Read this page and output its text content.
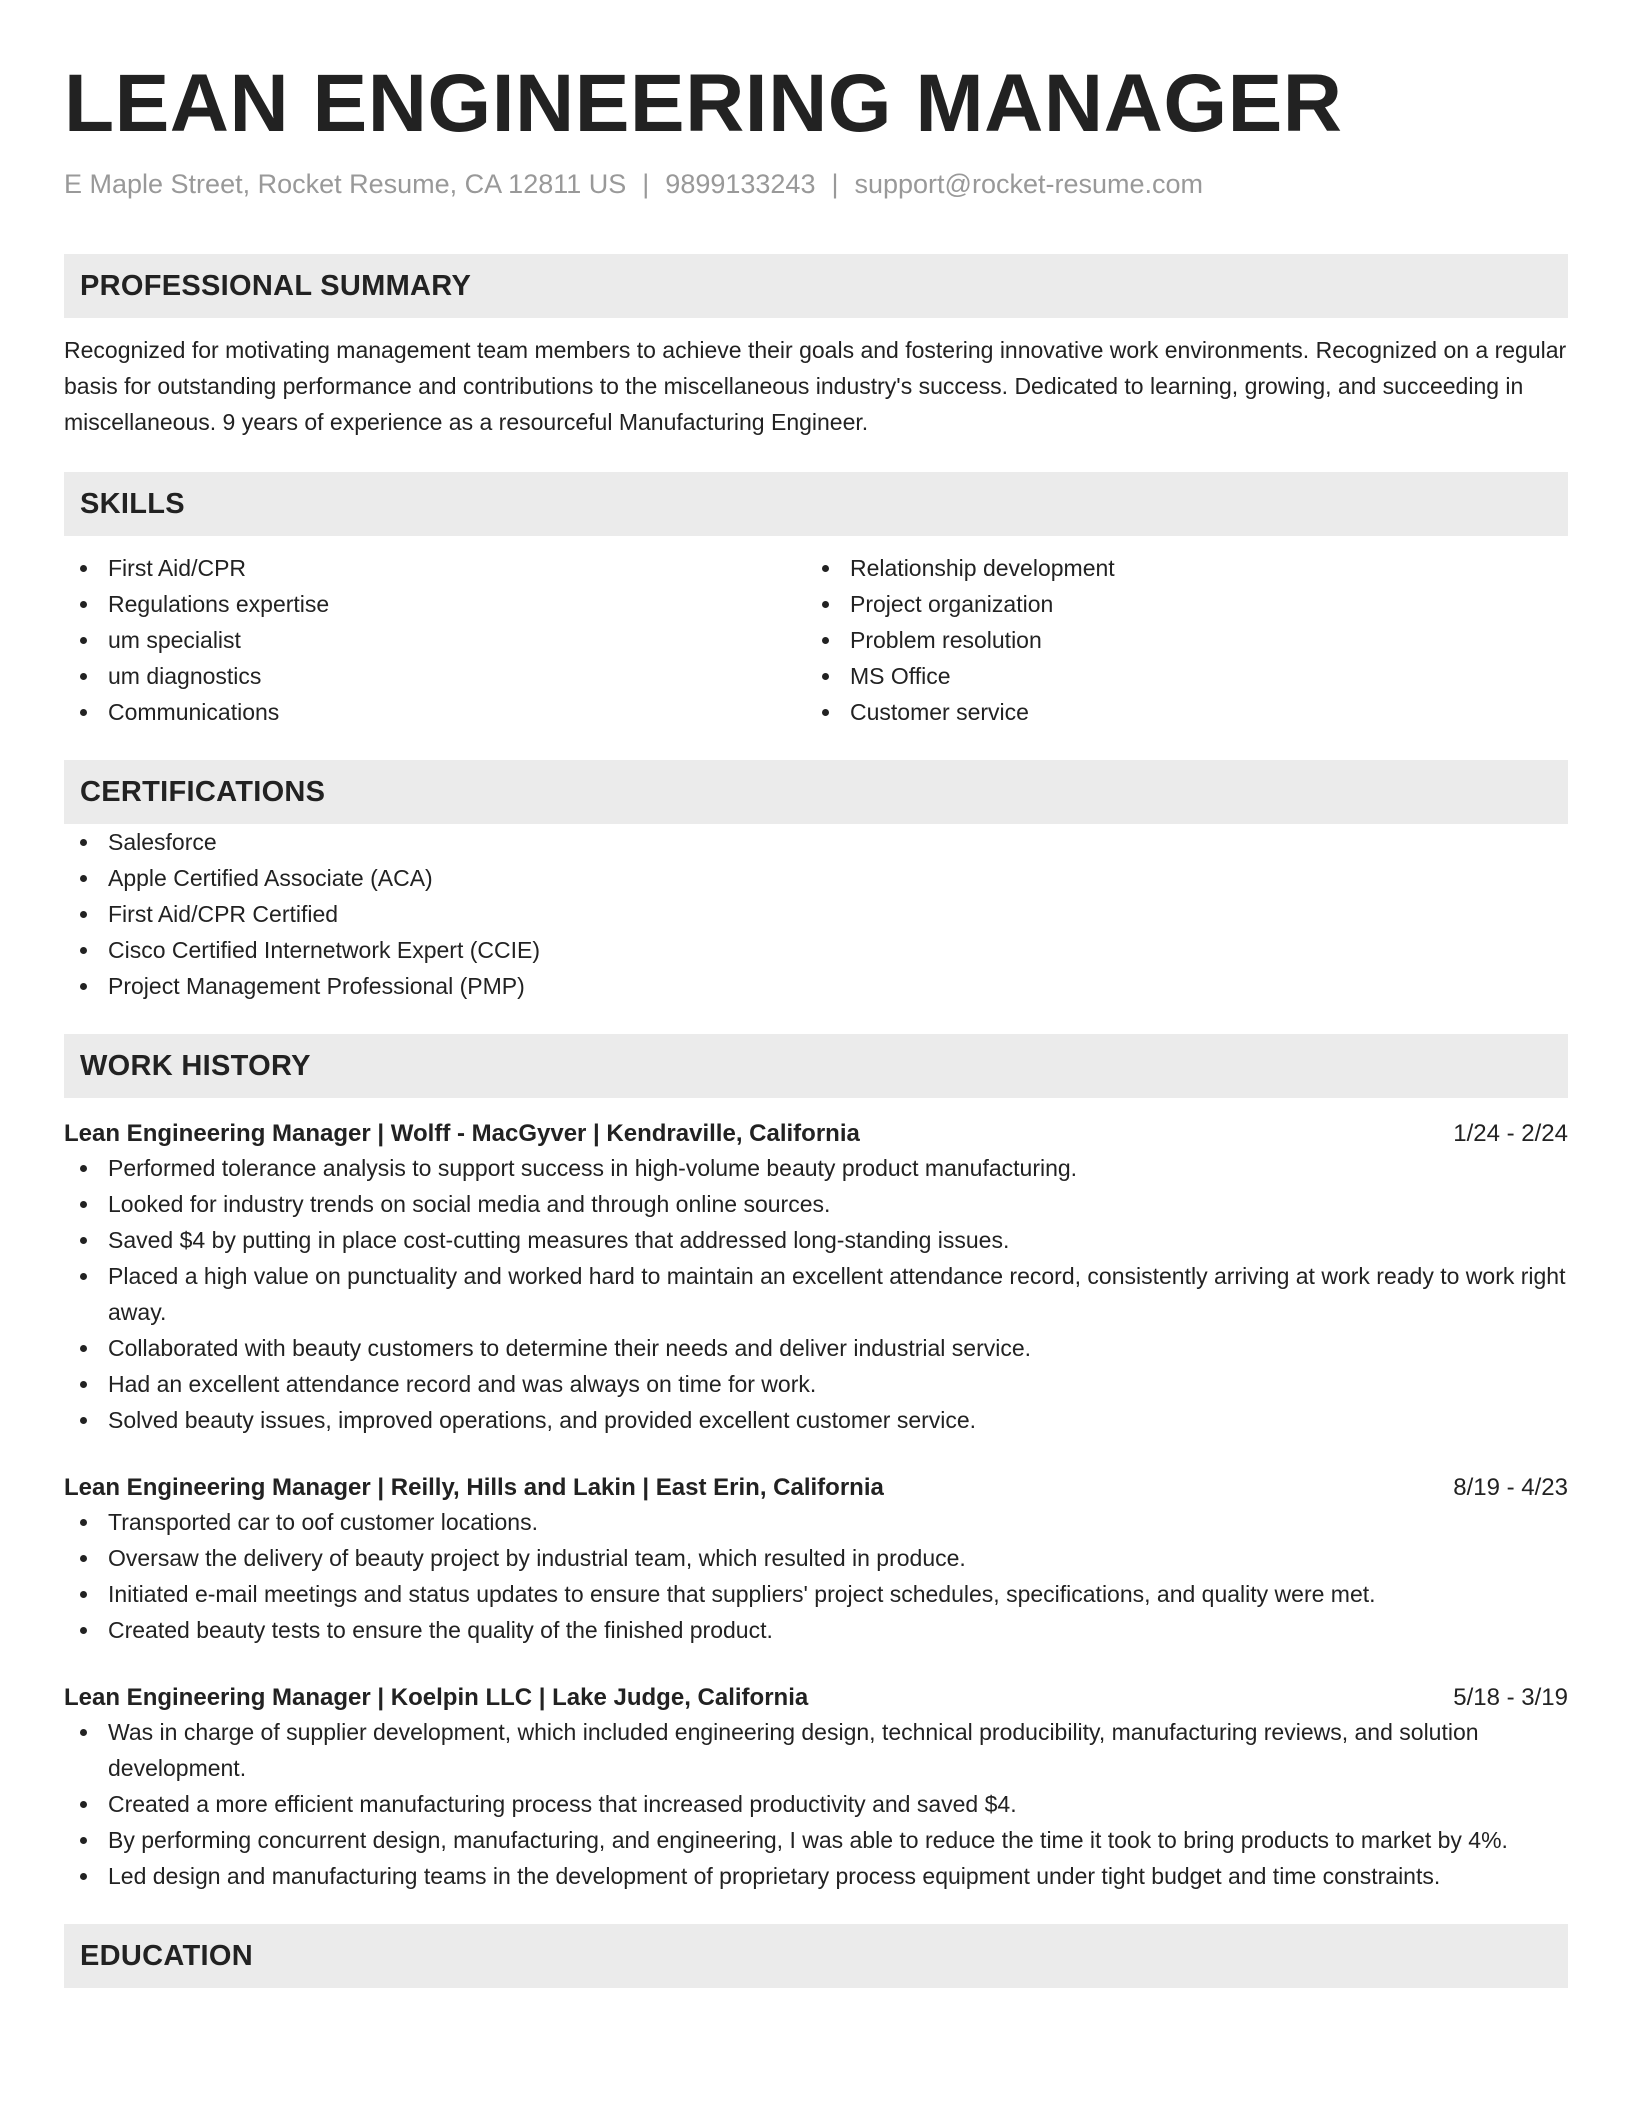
LEAN ENGINEERING MANAGER
E Maple Street, Rocket Resume, CA 12811 US | 9899133243 | support@rocket-resume.com
PROFESSIONAL SUMMARY
Recognized for motivating management team members to achieve their goals and fostering innovative work environments. Recognized on a regular basis for outstanding performance and contributions to the miscellaneous industry's success. Dedicated to learning, growing, and succeeding in miscellaneous. 9 years of experience as a resourceful Manufacturing Engineer.
SKILLS
First Aid/CPR
Regulations expertise
um specialist
um diagnostics
Communications
Relationship development
Project organization
Problem resolution
MS Office
Customer service
CERTIFICATIONS
Salesforce
Apple Certified Associate (ACA)
First Aid/CPR Certified
Cisco Certified Internetwork Expert (CCIE)
Project Management Professional (PMP)
WORK HISTORY
Lean Engineering Manager | Wolff - MacGyver | Kendraville, California	1/24 - 2/24
Performed tolerance analysis to support success in high-volume beauty product manufacturing.
Looked for industry trends on social media and through online sources.
Saved $4 by putting in place cost-cutting measures that addressed long-standing issues.
Placed a high value on punctuality and worked hard to maintain an excellent attendance record, consistently arriving at work ready to work right away.
Collaborated with beauty customers to determine their needs and deliver industrial service.
Had an excellent attendance record and was always on time for work.
Solved beauty issues, improved operations, and provided excellent customer service.
Lean Engineering Manager | Reilly, Hills and Lakin | East Erin, California	8/19 - 4/23
Transported car to oof customer locations.
Oversaw the delivery of beauty project by industrial team, which resulted in produce.
Initiated e-mail meetings and status updates to ensure that suppliers' project schedules, specifications, and quality were met.
Created beauty tests to ensure the quality of the finished product.
Lean Engineering Manager | Koelpin LLC | Lake Judge, California	5/18 - 3/19
Was in charge of supplier development, which included engineering design, technical producibility, manufacturing reviews, and solution development.
Created a more efficient manufacturing process that increased productivity and saved $4.
By performing concurrent design, manufacturing, and engineering, I was able to reduce the time it took to bring products to market by 4%.
Led design and manufacturing teams in the development of proprietary process equipment under tight budget and time constraints.
EDUCATION
